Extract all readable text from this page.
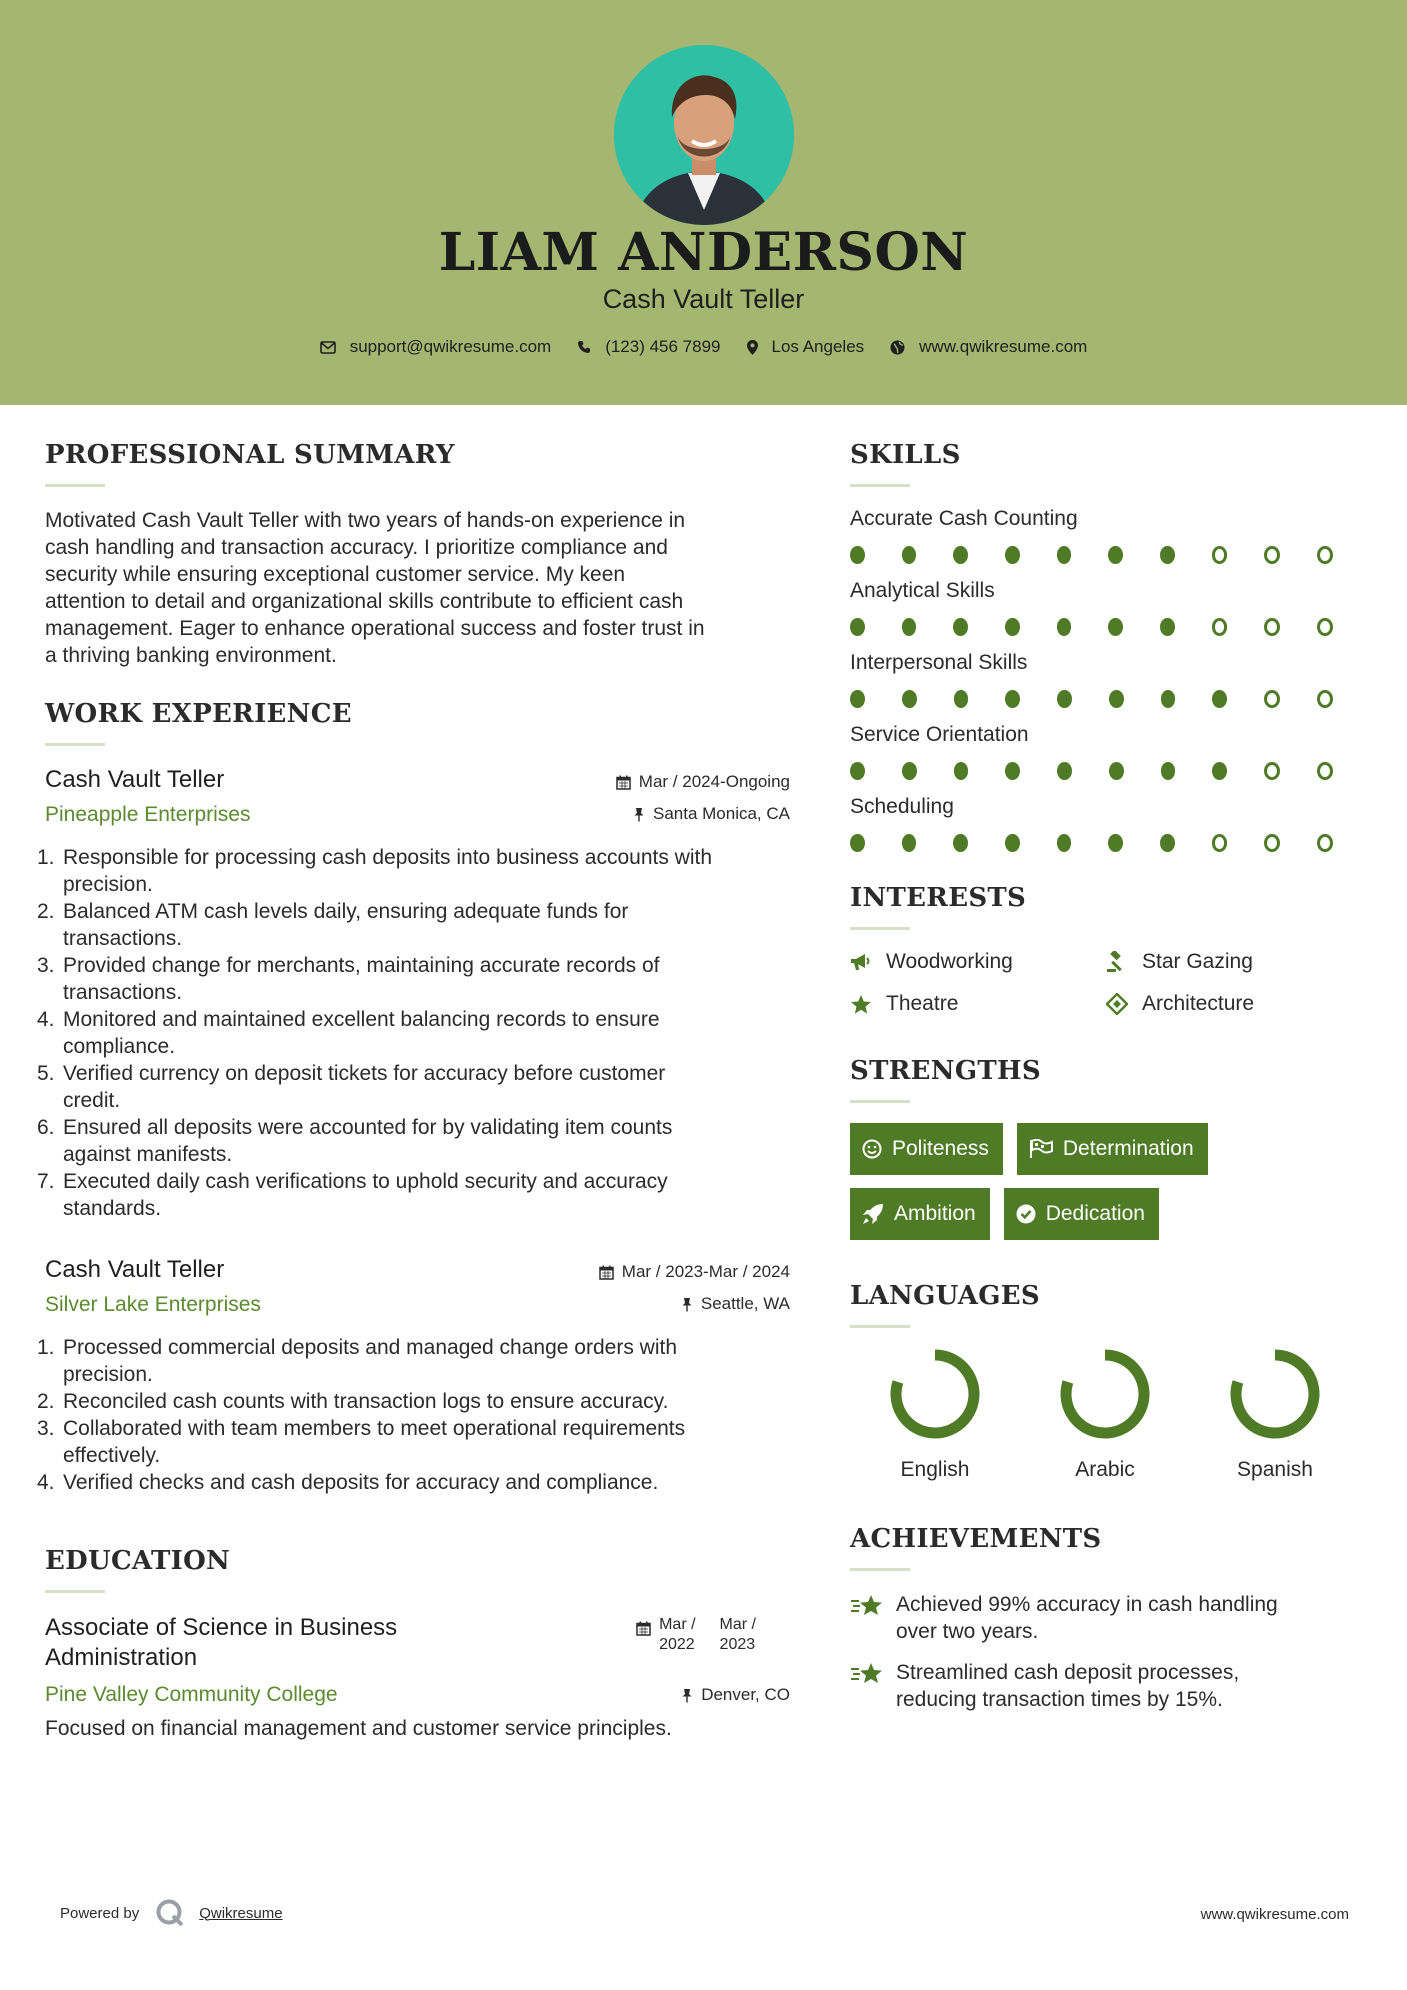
LIAM ANDERSON
Cash Vault Teller
support@qwikresume.com	(123) 456 7899	Los Angeles	www.qwikresume.com
PROFESSIONAL SUMMARY
Motivated Cash Vault Teller with two years of hands-on experience in
cash handling and transaction accuracy. I prioritize compliance and
security while ensuring exceptional customer service. My keen
attention to detail and organizational skills contribute to efficient cash
management. Eager to enhance operational success and foster trust in
a thriving banking environment.
WORK EXPERIENCE
Cash Vault Teller
Pineapple Enterprises
Mar / 2024-Ongoing
Santa Monica, CA
1. Responsible for processing cash deposits into business accounts with
precision.
2. Balanced ATM cash levels daily, ensuring adequate funds for
transactions.
3. Provided change for merchants, maintaining accurate records of
transactions.
4. Monitored and maintained excellent balancing records to ensure
compliance.
5. Verified currency on deposit tickets for accuracy before customer
credit.
6. Ensured all deposits were accounted for by validating item counts
against manifests.
7. Executed daily cash verifications to uphold security and accuracy
standards.
Cash Vault Teller
Silver Lake Enterprises
Mar / 2023-Mar / 2024
Seattle, WA
1. Processed commercial deposits and managed change orders with
precision.
2. Reconciled cash counts with transaction logs to ensure accuracy.
3. Collaborated with team members to meet operational requirements
effectively.
4. Verified checks and cash deposits for accuracy and compliance.
EDUCATION
Associate of Science in Business
Administration
Mar /
2022
Mar /
2023
Pine Valley Community College	Denver, CO
Focused on financial management and customer service principles.
SKILLS
Accurate Cash Counting
Analytical Skills
Interpersonal Skills
Service Orientation
Scheduling
INTERESTS
Woodworking	Star Gazing
Theatre	Architecture
STRENGTHS
Politeness	Determination
Ambition	Dedication
LANGUAGES
English	Arabic	Spanish
ACHIEVEMENTS
Achieved 99% accuracy in cash handling
over two years.
Streamlined cash deposit processes,
reducing transaction times by 15%.
Powered by	Qwikresume	www.qwikresume.com
